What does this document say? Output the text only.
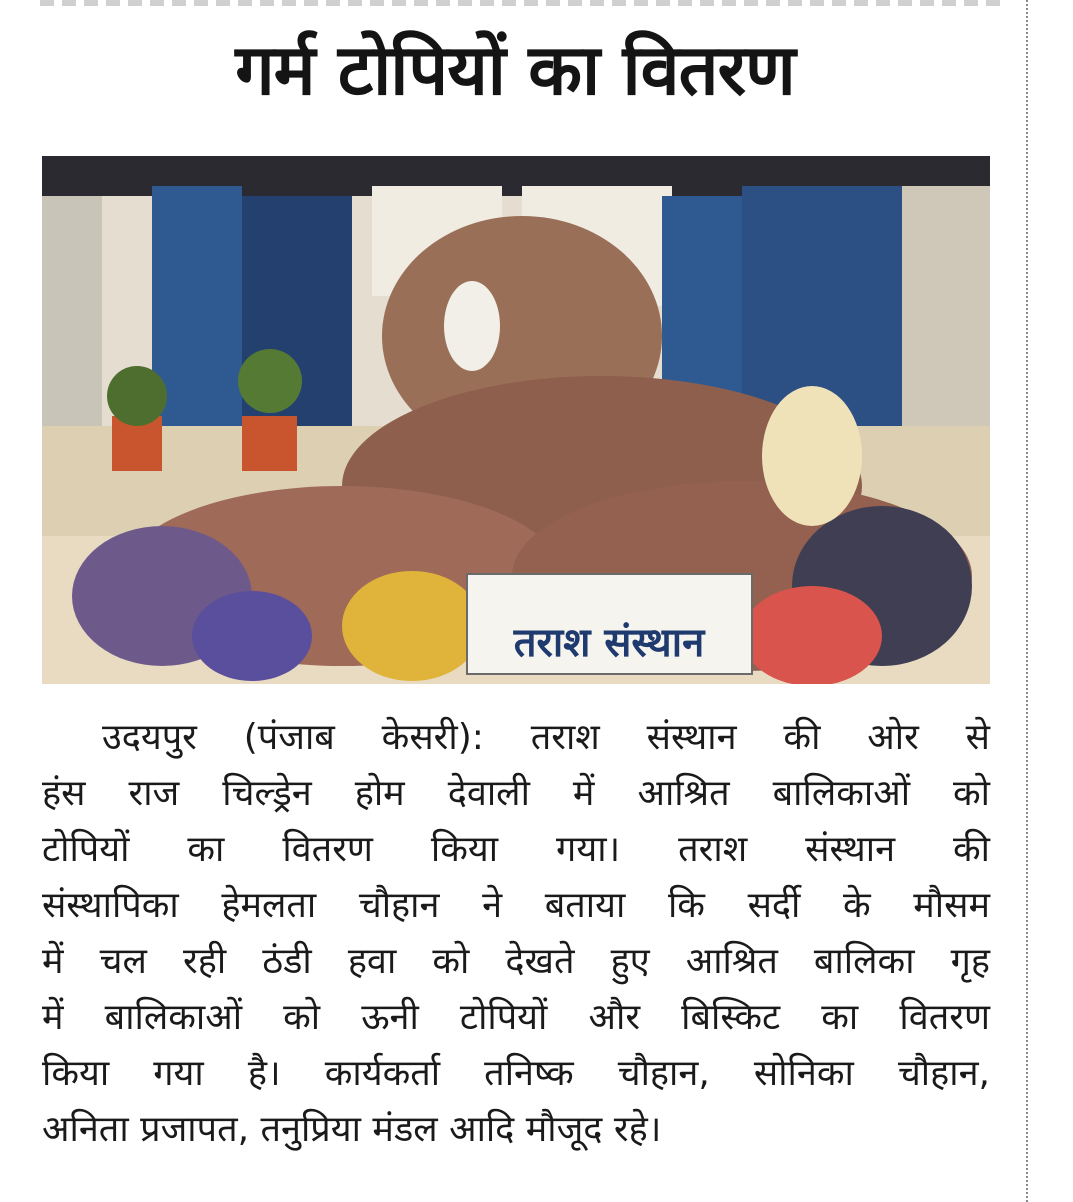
गर्म टोपियों का वितरण
तराश संस्थान
उदयपुर (पंजाब केसरी): तराश संस्थान की ओर से
हंस राज चिल्ड्रेन होम देवाली में आश्रित बालिकाओं को
टोपियों का वितरण किया गया। तराश संस्थान की
संस्थापिका हेमलता चौहान ने बताया कि सर्दी के मौसम
में चल रही ठंडी हवा को देखते हुए आश्रित बालिका गृह
में बालिकाओं को ऊनी टोपियों और बिस्किट का वितरण
किया गया है। कार्यकर्ता तनिष्क चौहान, सोनिका चौहान,
अनिता प्रजापत, तनुप्रिया मंडल आदि मौजूद रहे।
